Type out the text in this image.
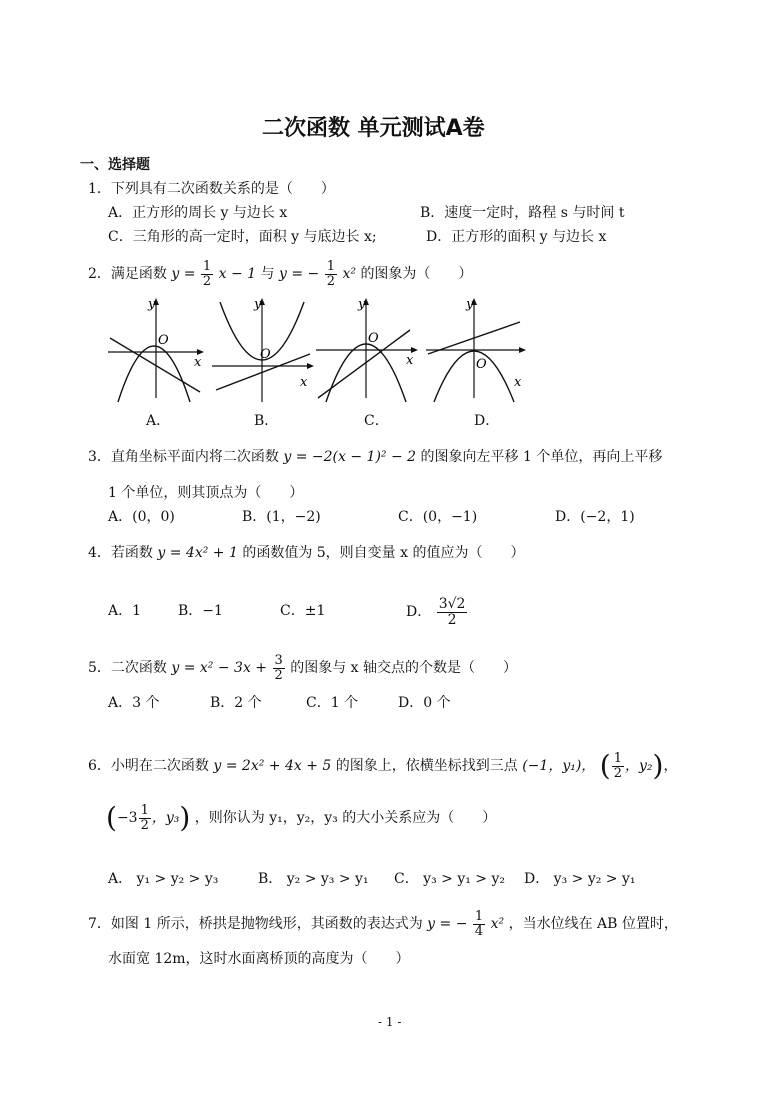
二次函数 单元测试A卷
一、选择题
1．下列具有二次函数关系的是（　　）
A．正方形的周长 y 与边长 x	B．速度一定时，路程 s 与时间 t
C．三角形的高一定时，面积 y 与底边长 x;	D．正方形的面积 y 与边长 x
2．满足函数 $y = \frac{1}{2}$ x − 1 与 y = − $\frac{1}{2} x^2$ 的图象为（　　）
y
x
O
y
x
O
y
x
O
y
x
O
A．	B．	C．	D．
3．直角坐标平面内将二次函数 y = −2(x − 1)² − 2 的图象向左平移 1 个单位，再向上平移
1 个单位，则其顶点为（　　）
A．(0，0)	B．(1，−2)	C．(0，−1)	D．(−2，1)
4．若函数 y = 4x² + 1 的函数值为 5，则自变量 x 的值应为（　　）
A．1	B．−1	C．±1	D． $\frac{3√2}{2}$
5．二次函数 $y = x^2 - 3x + \frac{3}{2}$ 的图象与 x 轴交点的个数是（　　）
A．3 个	B．2 个	C．1 个	D．0 个
6．小明在二次函数 y = 2x² + 4x + 5 的图象上，依横坐标找到三点 (−1，y₁)， ( $\frac{1}{2}$ ，y₂)，
($-3 \frac{1}{2}$ ，y₃) ，则你认为 y₁，y₂，y₃ 的大小关系应为（　　）
A． y₁ > y₂ > y₃	B． y₂ > y₃ > y₁ C． y₃ > y₁ > y₂ D． y₃ > y₂ > y₁
7．如图 1 所示，桥拱是抛物线形，其函数的表达式为 y = − $\frac{1}{4} x^2$ ，当水位线在 AB 位置时，
水面宽 12m，这时水面离桥顶的高度为（　　）
- 1 -
